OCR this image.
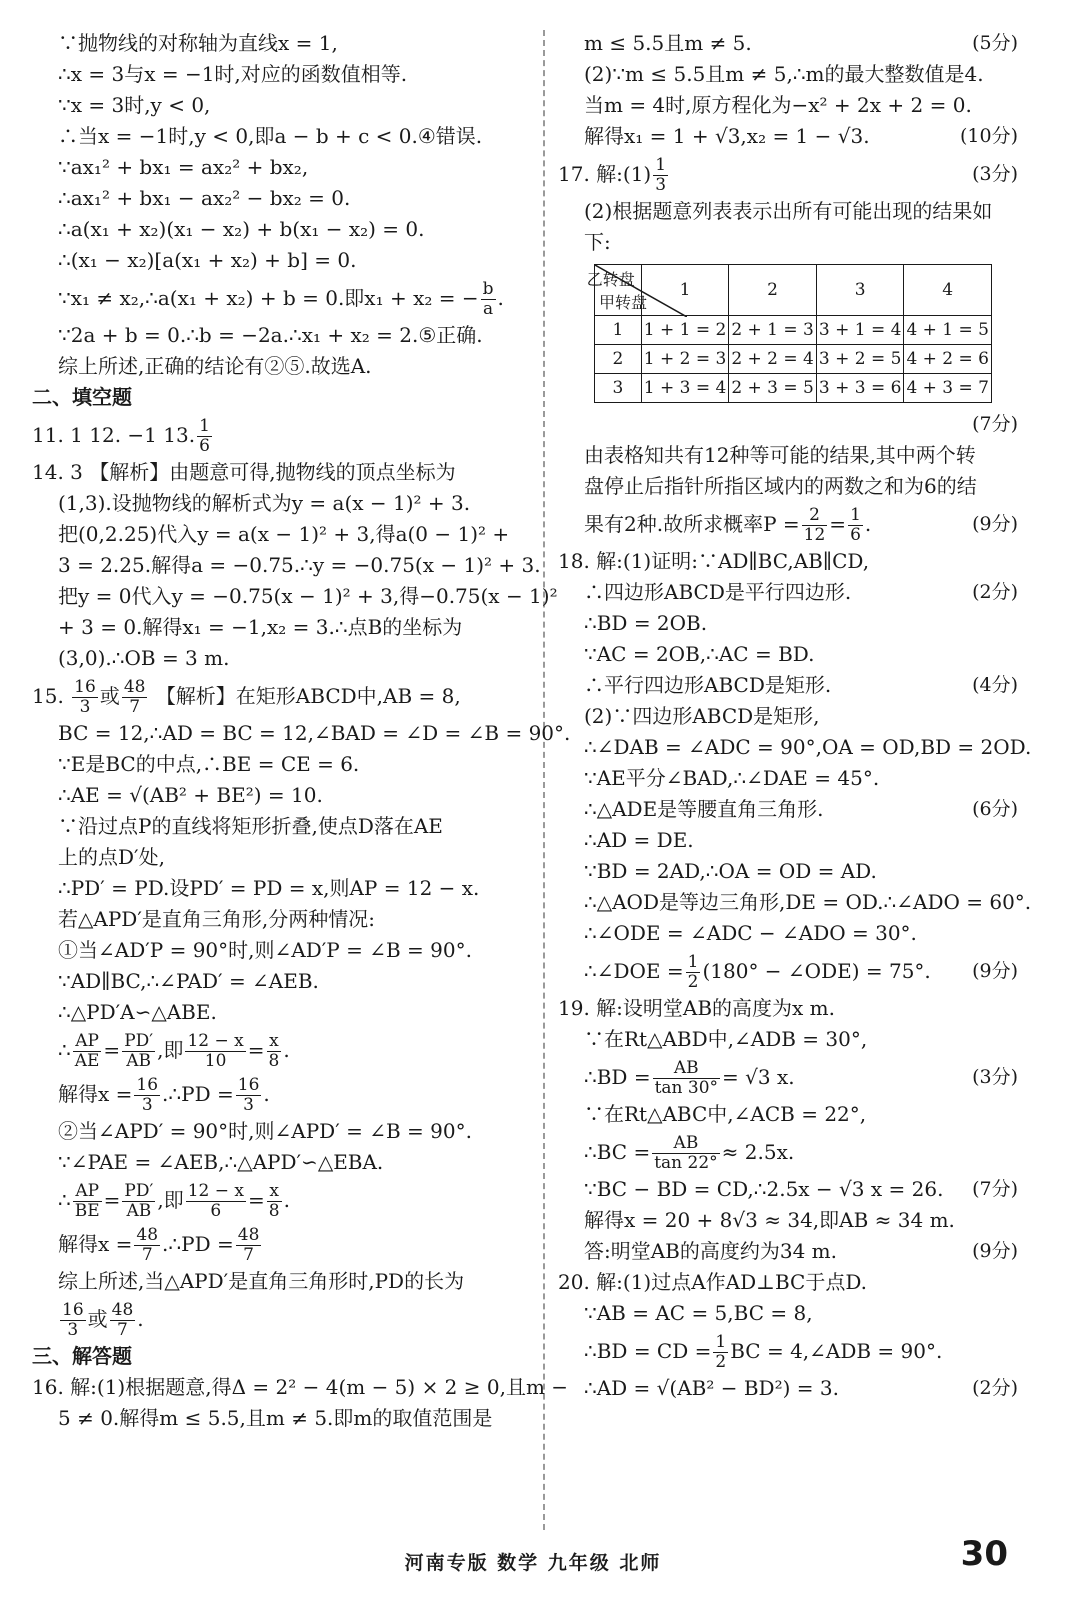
∵抛物线的对称轴为直线x = 1,
∴x = 3与x = −1时,对应的函数值相等.
∵x = 3时,y < 0,
∴当x = −1时,y < 0,即a − b + c < 0.④错误.
∵ax₁² + bx₁ = ax₂² + bx₂,
∴ax₁² + bx₁ − ax₂² − bx₂ = 0.
∴a(x₁ + x₂)(x₁ − x₂) + b(x₁ − x₂) = 0.
∴(x₁ − x₂)[a(x₁ + x₂) + b] = 0.
∵x₁ ≠ x₂,∴a(x₁ + x₂) + b = 0.即x₁ + x₂ = − $\frac{b}{a}$ .
∵2a + b = 0.∴b = −2a.∴x₁ + x₂ = 2.⑤正确.
综上所述,正确的结论有②⑤.故选A.
二、填空题
11. 1 12. −1 13. $\frac{1}{6}$
14. 3 【解析】由题意可得,抛物线的顶点坐标为
(1,3).设抛物线的解析式为y = a(x − 1)² + 3.
把(0,2.25)代入y = a(x − 1)² + 3,得a(0 − 1)² +
3 = 2.25.解得a = −0.75.∴y = −0.75(x − 1)² + 3.
把y = 0代入y = −0.75(x − 1)² + 3,得−0.75(x − 1)²
+ 3 = 0.解得x₁ = −1,x₂ = 3.∴点B的坐标为
(3,0).∴OB = 3 m.
15. $\frac{16}{3}$ 或 $\frac{48}{7}$ 【解析】在矩形ABCD中,AB = 8,
BC = 12,∴AD = BC = 12,∠BAD = ∠D = ∠B = 90°.
∵E是BC的中点,∴BE = CE = 6.
∴AE = √(AB² + BE²) = 10.
∵沿过点P的直线将矩形折叠,使点D落在AE
上的点D′处,
∴PD′ = PD.设PD′ = PD = x,则AP = 12 − x.
若△APD′是直角三角形,分两种情况:
①当∠AD′P = 90°时,则∠AD′P = ∠B = 90°.
∵AD∥BC,∴∠PAD′ = ∠AEB.
∴△PD′A∽△ABE.
∴ $\frac{AP}{AE} = \frac{PD'}{AB}$ ,即 $\frac{12 - x}{10} = \frac{x}{8}$ .
解得$x = \frac{16}{3}$ .∴PD = $\frac{16}{3}$ .
②当∠APD′ = 90°时,则∠APD′ = ∠B = 90°.
∵∠PAE = ∠AEB,∴△APD′∽△EBA.
∴ $\frac{AP}{BE} = \frac{PD'}{AB}$ ,即 $\frac{12 - x}{6} = \frac{x}{8}$ .
解得$x = \frac{48}{7}$ .∴PD = $\frac{48}{7}$
综上所述,当△APD′是直角三角形时,PD的长为
$\frac{16}{3}$ 或 $\frac{48}{7}$ .
三、解答题
16. 解:(1)根据题意,得Δ = 2² − 4(m − 5) × 2 ≥ 0,且m −
5 ≠ 0.解得m ≤ 5.5,且m ≠ 5.即m的取值范围是
m ≤ 5.5且m ≠ 5.	(5分)
(2)∵m ≤ 5.5且m ≠ 5,∴m的最大整数值是4.
当m = 4时,原方程化为−x² + 2x + 2 = 0.
解得x₁ = 1 + √3,x₂ = 1 − √3.	(10分)
17. 解:(1) $\frac{1}{3}$	(3分)
(2)根据题意列表表示出所有可能出现的结果如下:
乙转盘
甲转盘	1	2	3	4
1	1 + 1 = 2	2 + 1 = 3	3 + 1 = 4	4 + 1 = 5
2	1 + 2 = 3	2 + 2 = 4	3 + 2 = 5	4 + 2 = 6
3	1 + 3 = 4	2 + 3 = 5	3 + 3 = 6	4 + 3 = 7
(7分)
由表格知共有12种等可能的结果,其中两个转
盘停止后指针所指区域内的两数之和为6的结
果有2种.故所求概率$P = \frac{2}{12} = \frac{1}{6}$ .	(9分)
18. 解:(1)证明:∵AD∥BC,AB∥CD,
∴四边形ABCD是平行四边形.	(2分)
∴BD = 2OB.
∵AC = 2OB,∴AC = BD.
∴平行四边形ABCD是矩形.	(4分)
(2)∵四边形ABCD是矩形,
∴∠DAB = ∠ADC = 90°,OA = OD,BD = 2OD.
∵AE平分∠BAD,∴∠DAE = 45°.
∴△ADE是等腰直角三角形.	(6分)
∴AD = DE.
∵BD = 2AD,∴OA = OD = AD.
∴△AOD是等边三角形,DE = OD.∴∠ADO = 60°.
∴∠ODE = ∠ADC − ∠ADO = 30°.
∴∠DOE = $\frac{1}{2} (180^\circ$ − ∠ODE) = 75°. (9分)
19. 解:设明堂AB的高度为x m.
∵在Rt△ABD中,∠ADB = 30°,
∴BD = $\frac{AB}{\tan 30^\circ} = √3$ x.	(3分)
∵在Rt△ABC中,∠ACB = 22°,
∴BC = $\frac{AB}{\tan 22^\circ} \approx 2.5x$.
∵BC − BD = CD,∴2.5x − √3 x = 26. (7分)
解得x = 20 + 8√3 ≈ 34,即AB ≈ 34 m.
答:明堂AB的高度约为34 m.	(9分)
20. 解:(1)过点A作AD⊥BC于点D.
∵AB = AC = 5,BC = 8,
∴BD = CD = $\frac{1}{2}$ BC = 4,∠ADB = 90°.
∴AD = √(AB² − BD²) = 3.	(2分)
河南专版 数学 九年级 北师	30
